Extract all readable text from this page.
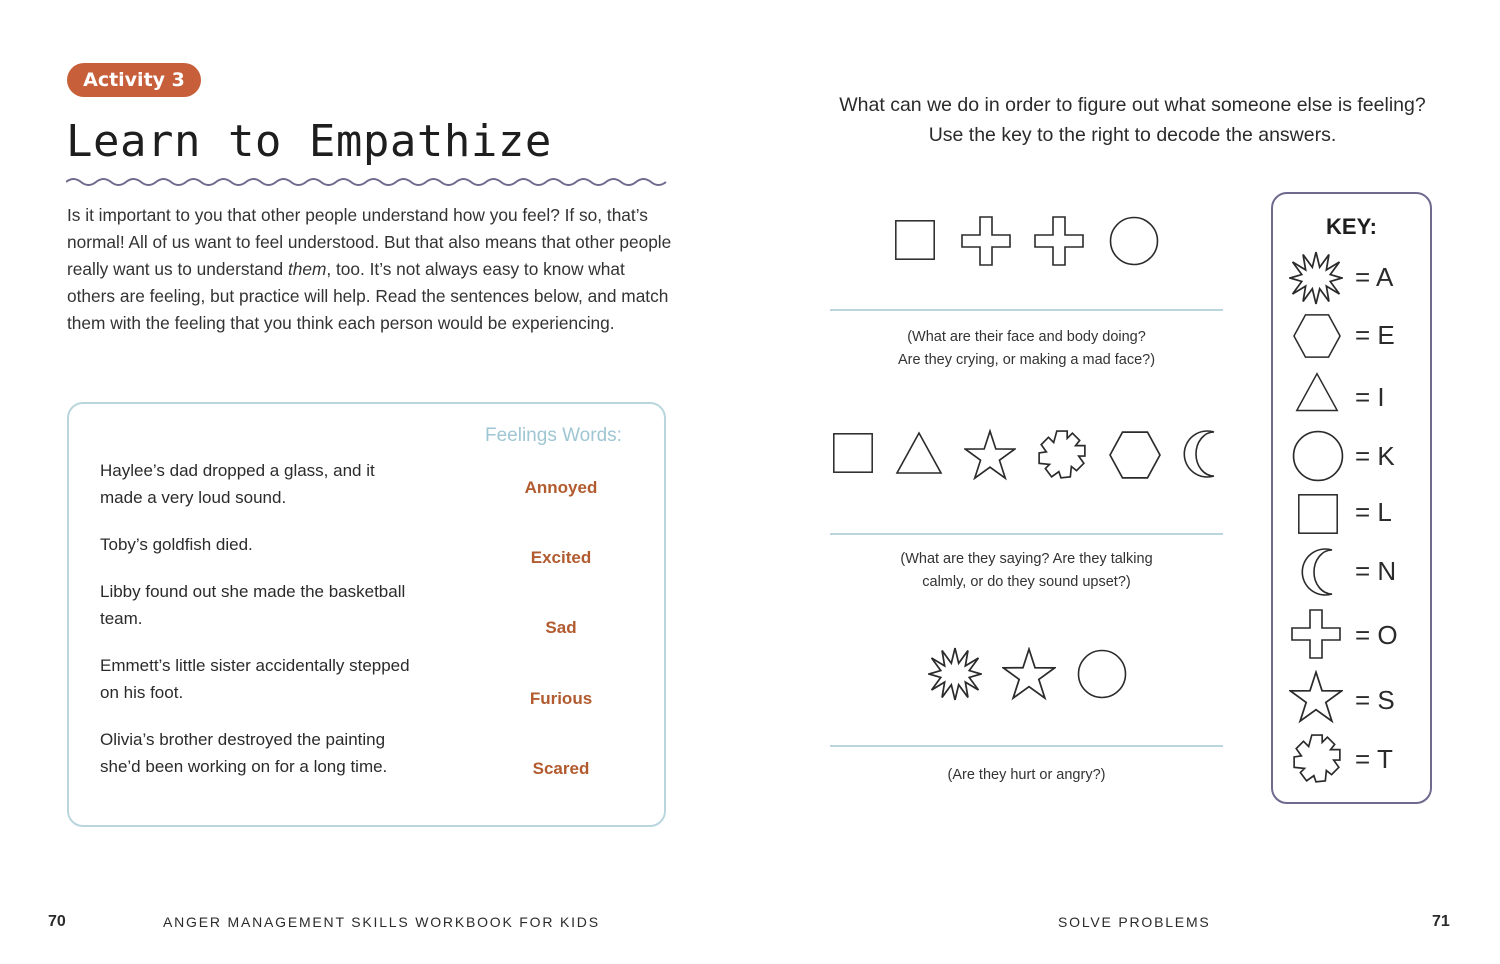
Activity 3
Learn to Empathize

Is it important to you that other people understand how you feel? If so, that’s normal! All of us want to feel understood. But that also means that other people really want us to understand them, too. It’s not always easy to know what others are feeling, but practice will help. Read the sentences below, and match them with the feeling that you think each person would be experiencing.

Feelings Words:

Haylee’s dad dropped a glass, and it made a very loud sound.

Toby’s goldfish died.

Libby found out she made the basketball team.

Emmett’s little sister accidentally stepped on his foot.

Olivia’s brother destroyed the painting she’d been working on for a long time.

Annoyed
Excited
Sad
Furious
Scared
70	ANGER MANAGEMENT SKILLS WORKBOOK FOR KIDS

What can we do in order to figure out what someone else is feeling? Use the key to the right to decode the answers.

(What are their face and body doing?
Are they crying, or making a mad face?)

(What are they saying? Are they talking
calmly, or do they sound upset?)

(Are they hurt or angry?)

KEY:
= A
= E
= I
= K
= L
= N
= O
= S
= T
SOLVE PROBLEMS	71
